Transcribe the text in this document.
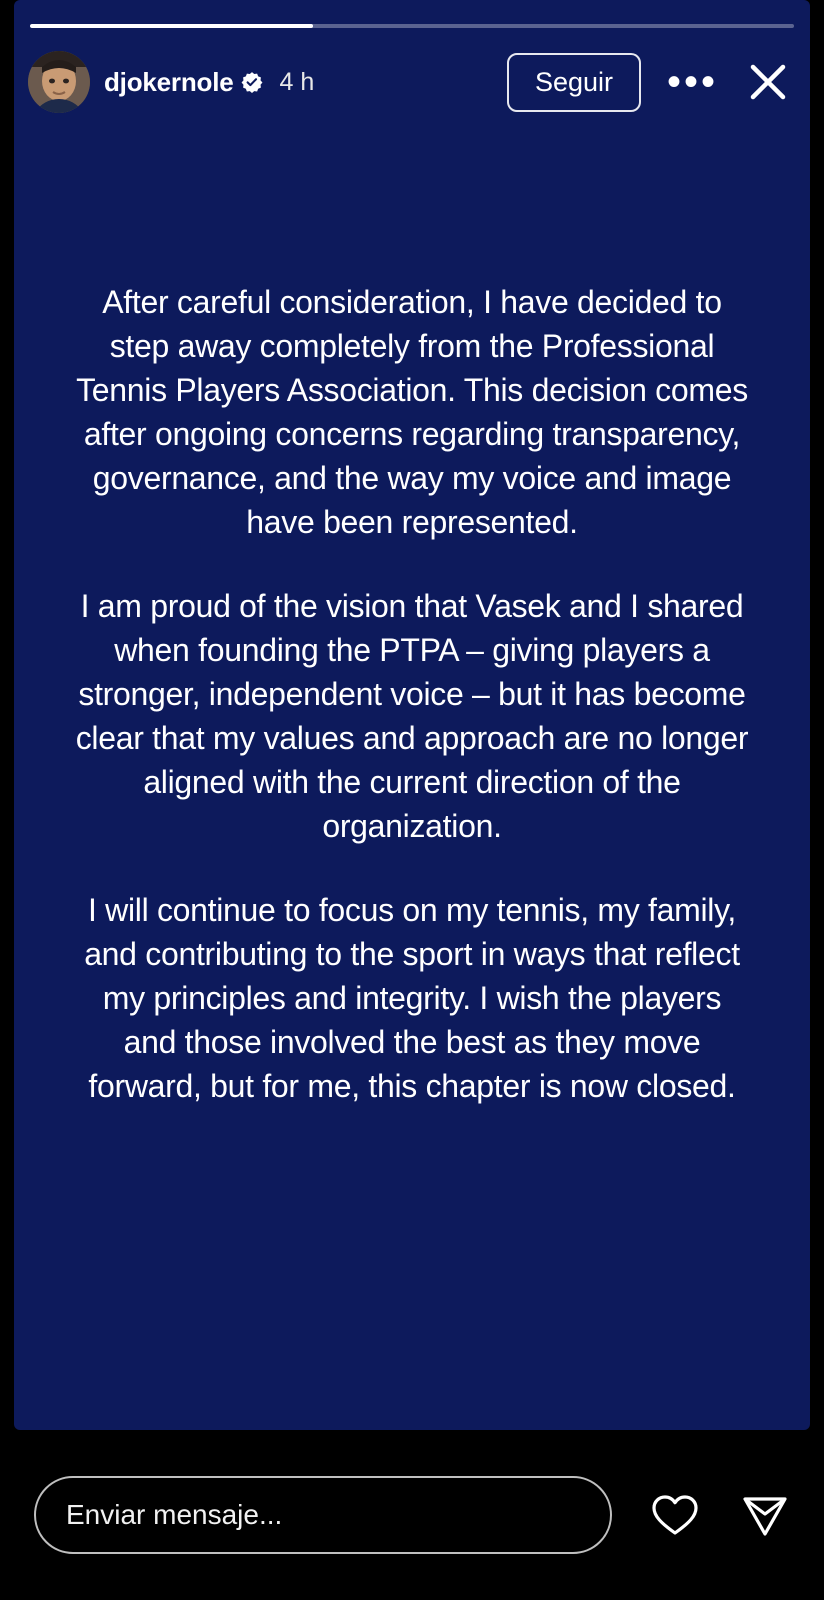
djokernole 4 h	Seguir	•••

After careful consideration, I have decided to step away completely from the Professional Tennis Players Association. This decision comes after ongoing concerns regarding transparency, governance, and the way my voice and image have been represented.

I am proud of the vision that Vasek and I shared when founding the PTPA – giving players a stronger, independent voice – but it has become clear that my values and approach are no longer aligned with the current direction of the organization.

I will continue to focus on my tennis, my family, and contributing to the sport in ways that reflect my principles and integrity. I wish the players and those involved the best as they move forward, but for me, this chapter is now closed.

Enviar mensaje...
